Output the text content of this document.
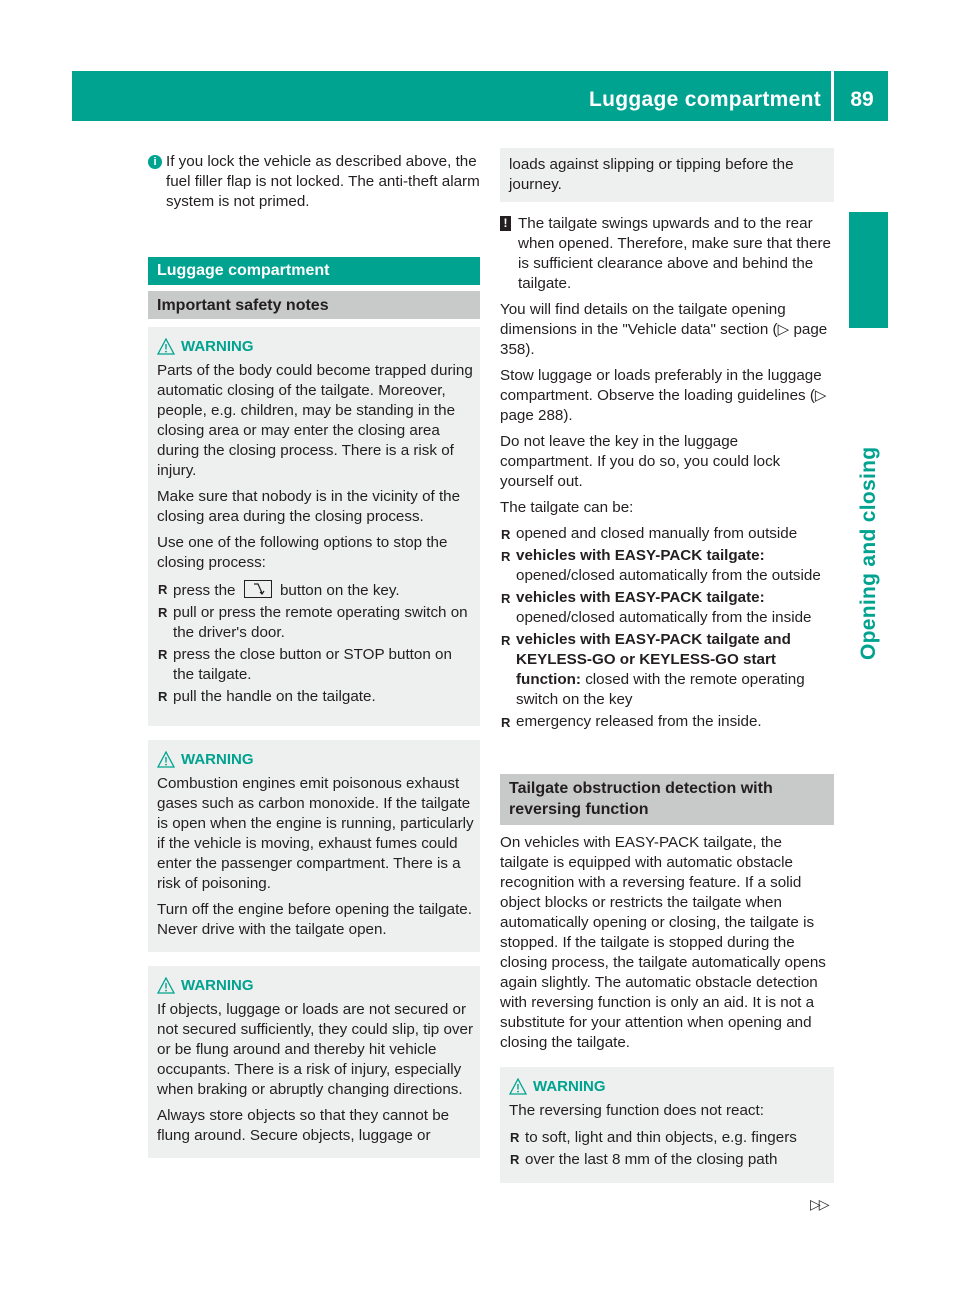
Luggage compartment	89
Opening and closing

i If you lock the vehicle as described above, the fuel filler flap is not locked. The anti-theft alarm system is not primed.

Luggage compartment
Important safety notes
WARNING

Parts of the body could become trapped during automatic closing of the tailgate. Moreover, people, e.g. children, may be standing in the closing area or may enter the closing area during the closing process. There is a risk of injury.

Make sure that nobody is in the vicinity of the closing area during the closing process.

Use one of the following options to stop the closing process:

R press the	button on the key.
R pull or press the remote operating switch on the driver's door.
R press the close button or STOP button on the tailgate.
R pull the handle on the tailgate.
WARNING

Combustion engines emit poisonous exhaust gases such as carbon monoxide. If the tailgate is open when the engine is running, particularly if the vehicle is moving, exhaust fumes could enter the passenger compartment. There is a risk of poisoning.

Turn off the engine before opening the tailgate. Never drive with the tailgate open.

WARNING

If objects, luggage or loads are not secured or not secured sufficiently, they could slip, tip over or be flung around and thereby hit vehicle occupants. There is a risk of injury, especially when braking or abruptly changing directions.

Always store objects so that they cannot be flung around. Secure objects, luggage or

loads against slipping or tipping before the journey.

! The tailgate swings upwards and to the rear when opened. Therefore, make sure that there is sufficient clearance above and behind the tailgate.

You will find details on the tailgate opening dimensions in the "Vehicle data" section (▷ page 358).

Stow luggage or loads preferably in the luggage compartment. Observe the loading guidelines (▷ page 288).

Do not leave the key in the luggage compartment. If you do so, you could lock yourself out.

The tailgate can be:

R opened and closed manually from outside
R vehicles with EASY-PACK tailgate:
opened/closed automatically from the outside
R vehicles with EASY-PACK tailgate:
opened/closed automatically from the inside
R vehicles with EASY-PACK tailgate and KEYLESS-GO or KEYLESS-GO start function: closed with the remote operating switch on the key
R emergency released from the inside.
Tailgate obstruction detection with reversing function

On vehicles with EASY-PACK tailgate, the tailgate is equipped with automatic obstacle recognition with a reversing feature. If a solid object blocks or restricts the tailgate when automatically opening or closing, the tailgate is stopped. If the tailgate is stopped during the closing process, the tailgate automatically opens again slightly. The automatic obstacle detection with reversing function is only an aid. It is not a substitute for your attention when opening and closing the tailgate.

WARNING

The reversing function does not react:

R to soft, light and thin objects, e.g. fingers
R over the last 8 mm of the closing path
▷▷
